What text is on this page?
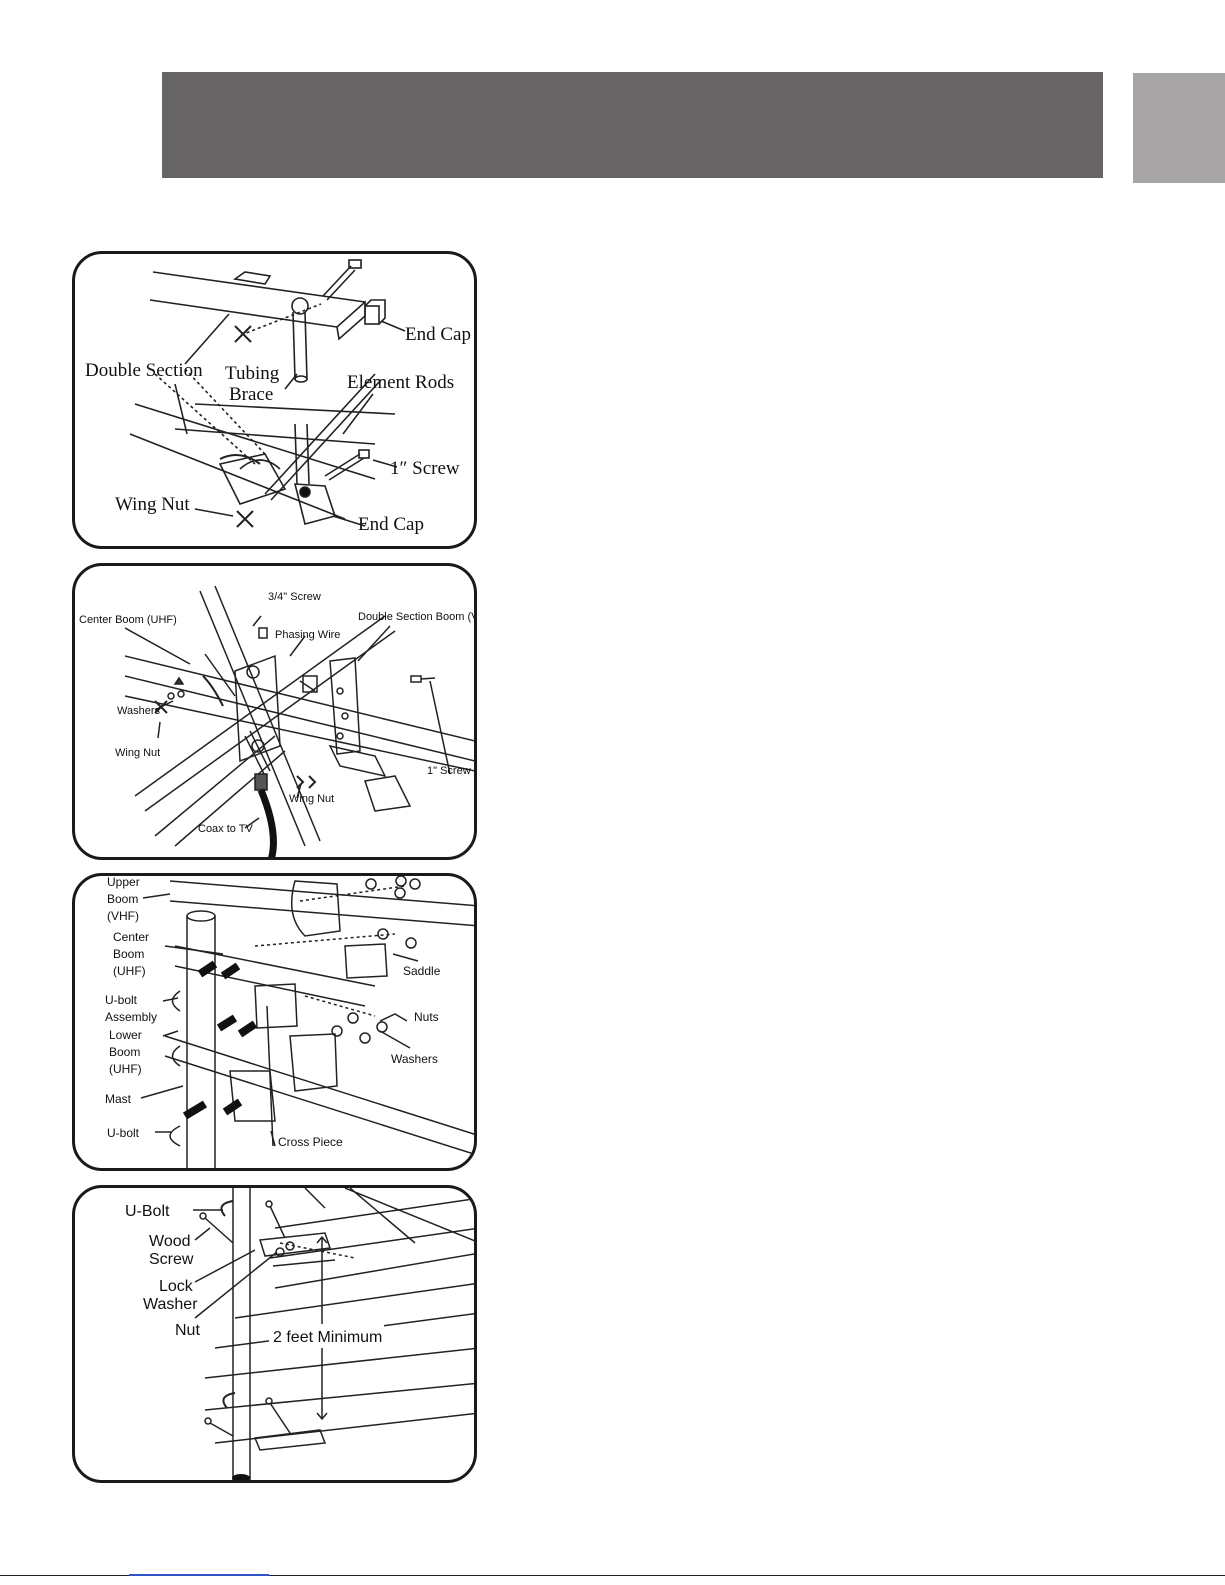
End Cap
Double Section Tubing
Brace
Element Rods
1″ Screw
Wing Nut
End Cap
3/4" Screw
Center Boom (UHF)
Phasing Wire
Double Section Boom (V
Washers
Wing Nut
1" Screw
Wing Nut
Coax to TV
Upper
Boom
(VHF)
Center
Boom
(UHF)	Saddle
U-bolt
Assembly	Nuts
Lower
Boom
(UHF)
Washers
Mast
U-bolt
Cross Piece
U-Bolt
Wood
Screw
Lock
Washer
Nut	2 feet Minimum
